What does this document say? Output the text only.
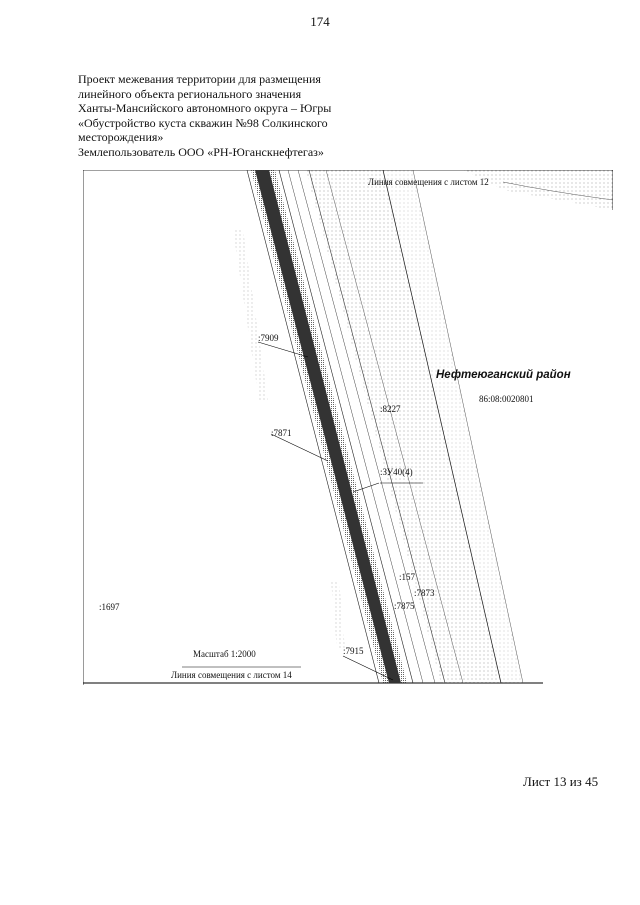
174
Проект межевания территории для размещения
линейного объекта регионального значения
Ханты-Мансийского автономного округа – Югры
«Обустройство куста скважин №98 Солкинского
месторождения»
Землепользователь ООО «РН-Юганскнефтегаз»
Линия совмещения с листом 12
Линия совмещения с листом 14
Масштаб 1:2000
Нефтеюганский район
86:08:0020801
:7909
:8227
:7871
:ЗУ40(4)
:157
:7873
:7875
:1697
:7915
Лист 13 из 45
